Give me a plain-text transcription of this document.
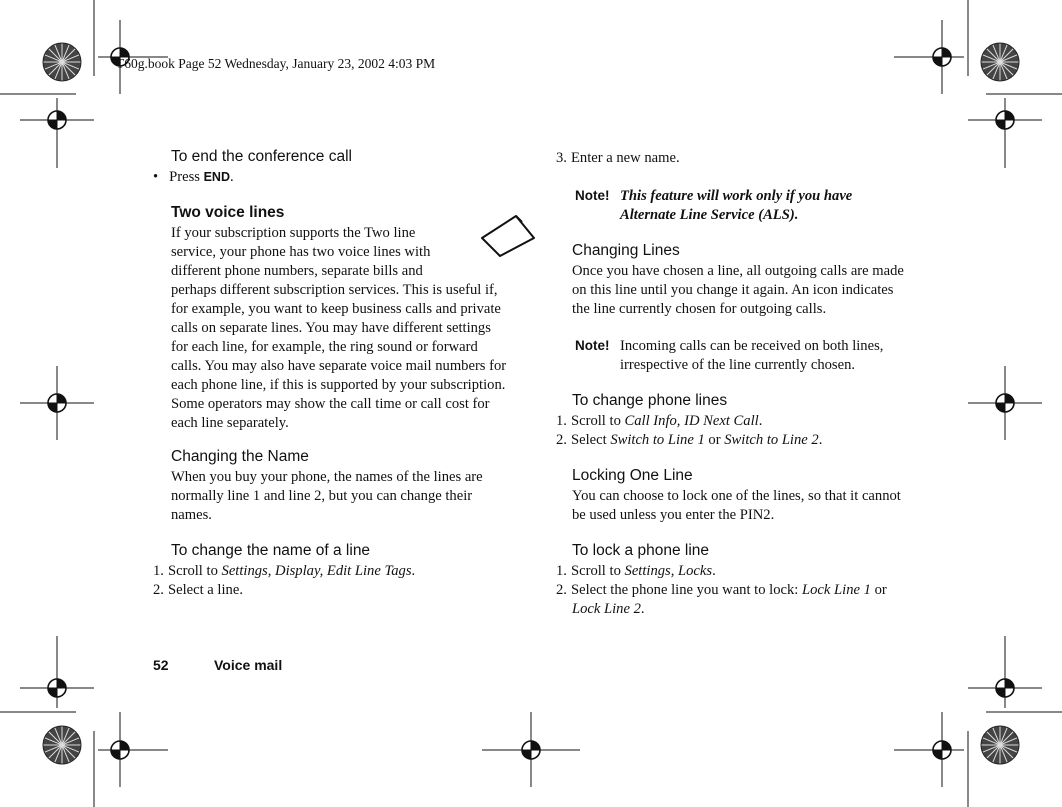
T60g.book Page 52 Wednesday, January 23, 2002 4:03 PM
To end the conference call
• Press END.
Two voice lines
If your subscription supports the Two line
service, your phone has two voice lines with
different phone numbers, separate bills and
perhaps different subscription services. This is useful if,
for example, you want to keep business calls and private
calls on separate lines. You may have different settings
for each line, for example, the ring sound or forward
calls. You may also have separate voice mail numbers for
each phone line, if this is supported by your subscription.
Some operators may show the call time or call cost for
each line separately.
Changing the Name
When you buy your phone, the names of the lines are
normally line 1 and line 2, but you can change their
names.
To change the name of a line
1. Scroll to Settings, Display, Edit Line Tags.
2. Select a line.
3. Enter a new name.
Note! This feature will work only if you have
Alternate Line Service (ALS).
Changing Lines
Once you have chosen a line, all outgoing calls are made
on this line until you change it again. An icon indicates
the line currently chosen for outgoing calls.
Note! Incoming calls can be received on both lines,
irrespective of the line currently chosen.
To change phone lines
1. Scroll to Call Info, ID Next Call.
2. Select Switch to Line 1 or Switch to Line 2.
Locking One Line
You can choose to lock one of the lines, so that it cannot
be used unless you enter the PIN2.
To lock a phone line
1. Scroll to Settings, Locks.
2. Select the phone line you want to lock: Lock Line 1 or
Lock Line 2.
52	Voice mail
